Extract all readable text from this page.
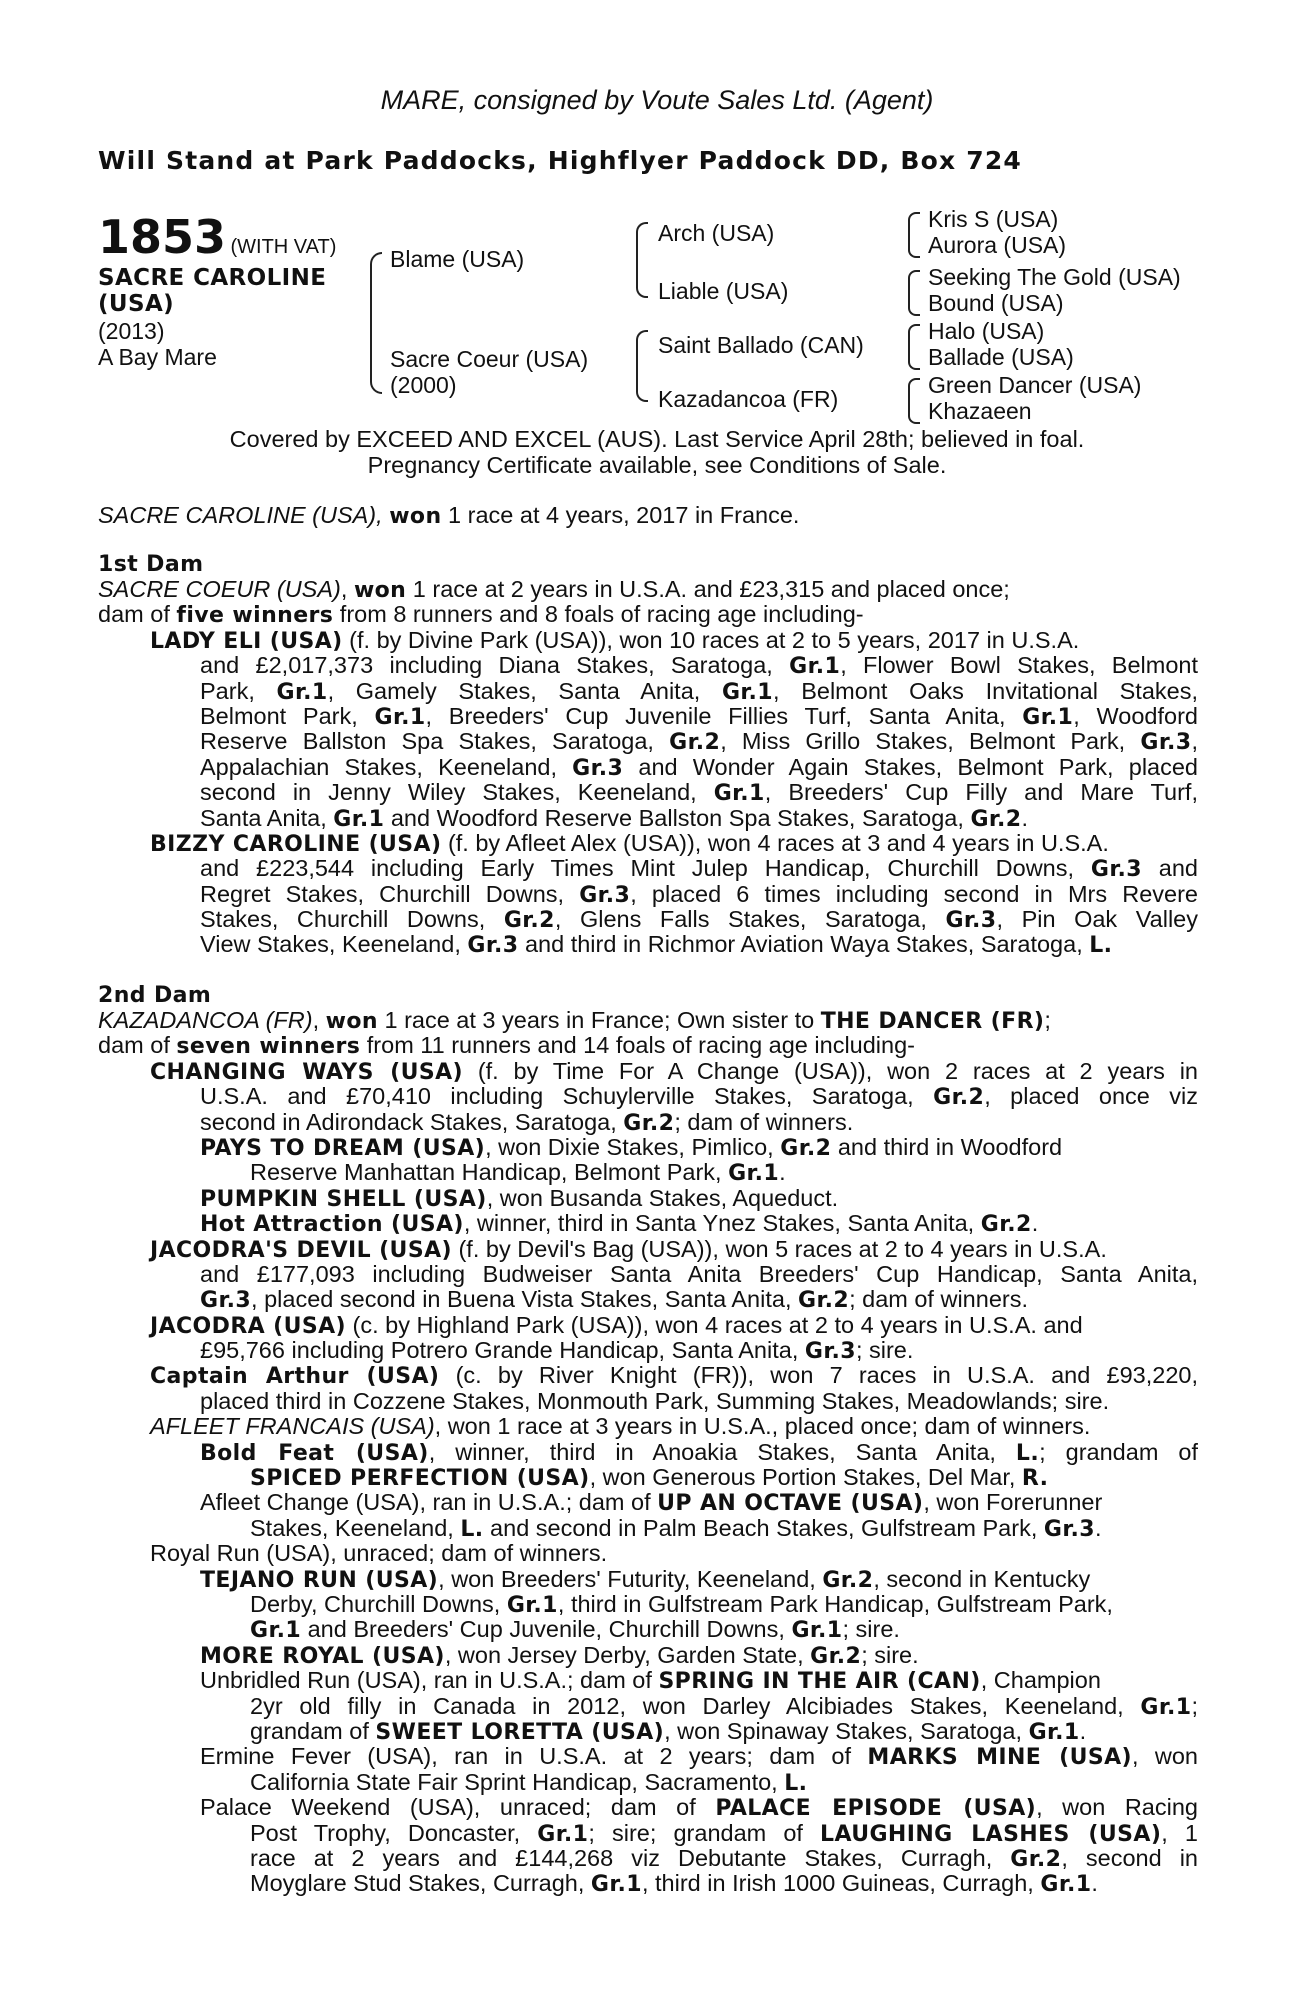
MARE, consigned by Voute Sales Ltd. (Agent)
Will Stand at Park Paddocks, Highflyer Paddock DD, Box 724
1853 (WITH VAT)
SACRE CAROLINE
(USA)
(2013)
A Bay Mare
Blame (USA)
Sacre Coeur (USA)
(2000)
Arch (USA)
Liable (USA)
Saint Ballado (CAN)
Kazadancoa (FR)
Kris S (USA)
Aurora (USA)
Seeking The Gold (USA)
Bound (USA)
Halo (USA)
Ballade (USA)
Green Dancer (USA)
Khazaeen
Covered by EXCEED AND EXCEL (AUS). Last Service April 28th; believed in foal.
Pregnancy Certificate available, see Conditions of Sale.
SACRE CAROLINE (USA), won 1 race at 4 years, 2017 in France.
1st Dam
SACRE COEUR (USA), won 1 race at 2 years in U.S.A. and £23,315 and placed once;
dam of five winners from 8 runners and 8 foals of racing age including-
LADY ELI (USA) (f. by Divine Park (USA)), won 10 races at 2 to 5 years, 2017 in U.S.A.
and £2,017,373 including Diana Stakes, Saratoga, Gr.1, Flower Bowl Stakes, Belmont
Park, Gr.1, Gamely Stakes, Santa Anita, Gr.1, Belmont Oaks Invitational Stakes,
Belmont Park, Gr.1, Breeders' Cup Juvenile Fillies Turf, Santa Anita, Gr.1, Woodford
Reserve Ballston Spa Stakes, Saratoga, Gr.2, Miss Grillo Stakes, Belmont Park, Gr.3,
Appalachian Stakes, Keeneland, Gr.3 and Wonder Again Stakes, Belmont Park, placed
second in Jenny Wiley Stakes, Keeneland, Gr.1, Breeders' Cup Filly and Mare Turf,
Santa Anita, Gr.1 and Woodford Reserve Ballston Spa Stakes, Saratoga, Gr.2.
BIZZY CAROLINE (USA) (f. by Afleet Alex (USA)), won 4 races at 3 and 4 years in U.S.A.
and £223,544 including Early Times Mint Julep Handicap, Churchill Downs, Gr.3 and
Regret Stakes, Churchill Downs, Gr.3, placed 6 times including second in Mrs Revere
Stakes, Churchill Downs, Gr.2, Glens Falls Stakes, Saratoga, Gr.3, Pin Oak Valley
View Stakes, Keeneland, Gr.3 and third in Richmor Aviation Waya Stakes, Saratoga, L.
2nd Dam
KAZADANCOA (FR), won 1 race at 3 years in France; Own sister to THE DANCER (FR);
dam of seven winners from 11 runners and 14 foals of racing age including-
CHANGING WAYS (USA) (f. by Time For A Change (USA)), won 2 races at 2 years in
U.S.A. and £70,410 including Schuylerville Stakes, Saratoga, Gr.2, placed once viz
second in Adirondack Stakes, Saratoga, Gr.2; dam of winners.
PAYS TO DREAM (USA), won Dixie Stakes, Pimlico, Gr.2 and third in Woodford
Reserve Manhattan Handicap, Belmont Park, Gr.1.
PUMPKIN SHELL (USA), won Busanda Stakes, Aqueduct.
Hot Attraction (USA), winner, third in Santa Ynez Stakes, Santa Anita, Gr.2.
JACODRA'S DEVIL (USA) (f. by Devil's Bag (USA)), won 5 races at 2 to 4 years in U.S.A.
and £177,093 including Budweiser Santa Anita Breeders' Cup Handicap, Santa Anita,
Gr.3, placed second in Buena Vista Stakes, Santa Anita, Gr.2; dam of winners.
JACODRA (USA) (c. by Highland Park (USA)), won 4 races at 2 to 4 years in U.S.A. and
£95,766 including Potrero Grande Handicap, Santa Anita, Gr.3; sire.
Captain Arthur (USA) (c. by River Knight (FR)), won 7 races in U.S.A. and £93,220,
placed third in Cozzene Stakes, Monmouth Park, Summing Stakes, Meadowlands; sire.
AFLEET FRANCAIS (USA), won 1 race at 3 years in U.S.A., placed once; dam of winners.
Bold Feat (USA), winner, third in Anoakia Stakes, Santa Anita, L.; grandam of
SPICED PERFECTION (USA), won Generous Portion Stakes, Del Mar, R.
Afleet Change (USA), ran in U.S.A.; dam of UP AN OCTAVE (USA), won Forerunner
Stakes, Keeneland, L. and second in Palm Beach Stakes, Gulfstream Park, Gr.3.
Royal Run (USA), unraced; dam of winners.
TEJANO RUN (USA), won Breeders' Futurity, Keeneland, Gr.2, second in Kentucky
Derby, Churchill Downs, Gr.1, third in Gulfstream Park Handicap, Gulfstream Park,
Gr.1 and Breeders' Cup Juvenile, Churchill Downs, Gr.1; sire.
MORE ROYAL (USA), won Jersey Derby, Garden State, Gr.2; sire.
Unbridled Run (USA), ran in U.S.A.; dam of SPRING IN THE AIR (CAN), Champion
2yr old filly in Canada in 2012, won Darley Alcibiades Stakes, Keeneland, Gr.1;
grandam of SWEET LORETTA (USA), won Spinaway Stakes, Saratoga, Gr.1.
Ermine Fever (USA), ran in U.S.A. at 2 years; dam of MARKS MINE (USA), won
California State Fair Sprint Handicap, Sacramento, L.
Palace Weekend (USA), unraced; dam of PALACE EPISODE (USA), won Racing
Post Trophy, Doncaster, Gr.1; sire; grandam of LAUGHING LASHES (USA), 1
race at 2 years and £144,268 viz Debutante Stakes, Curragh, Gr.2, second in
Moyglare Stud Stakes, Curragh, Gr.1, third in Irish 1000 Guineas, Curragh, Gr.1.
